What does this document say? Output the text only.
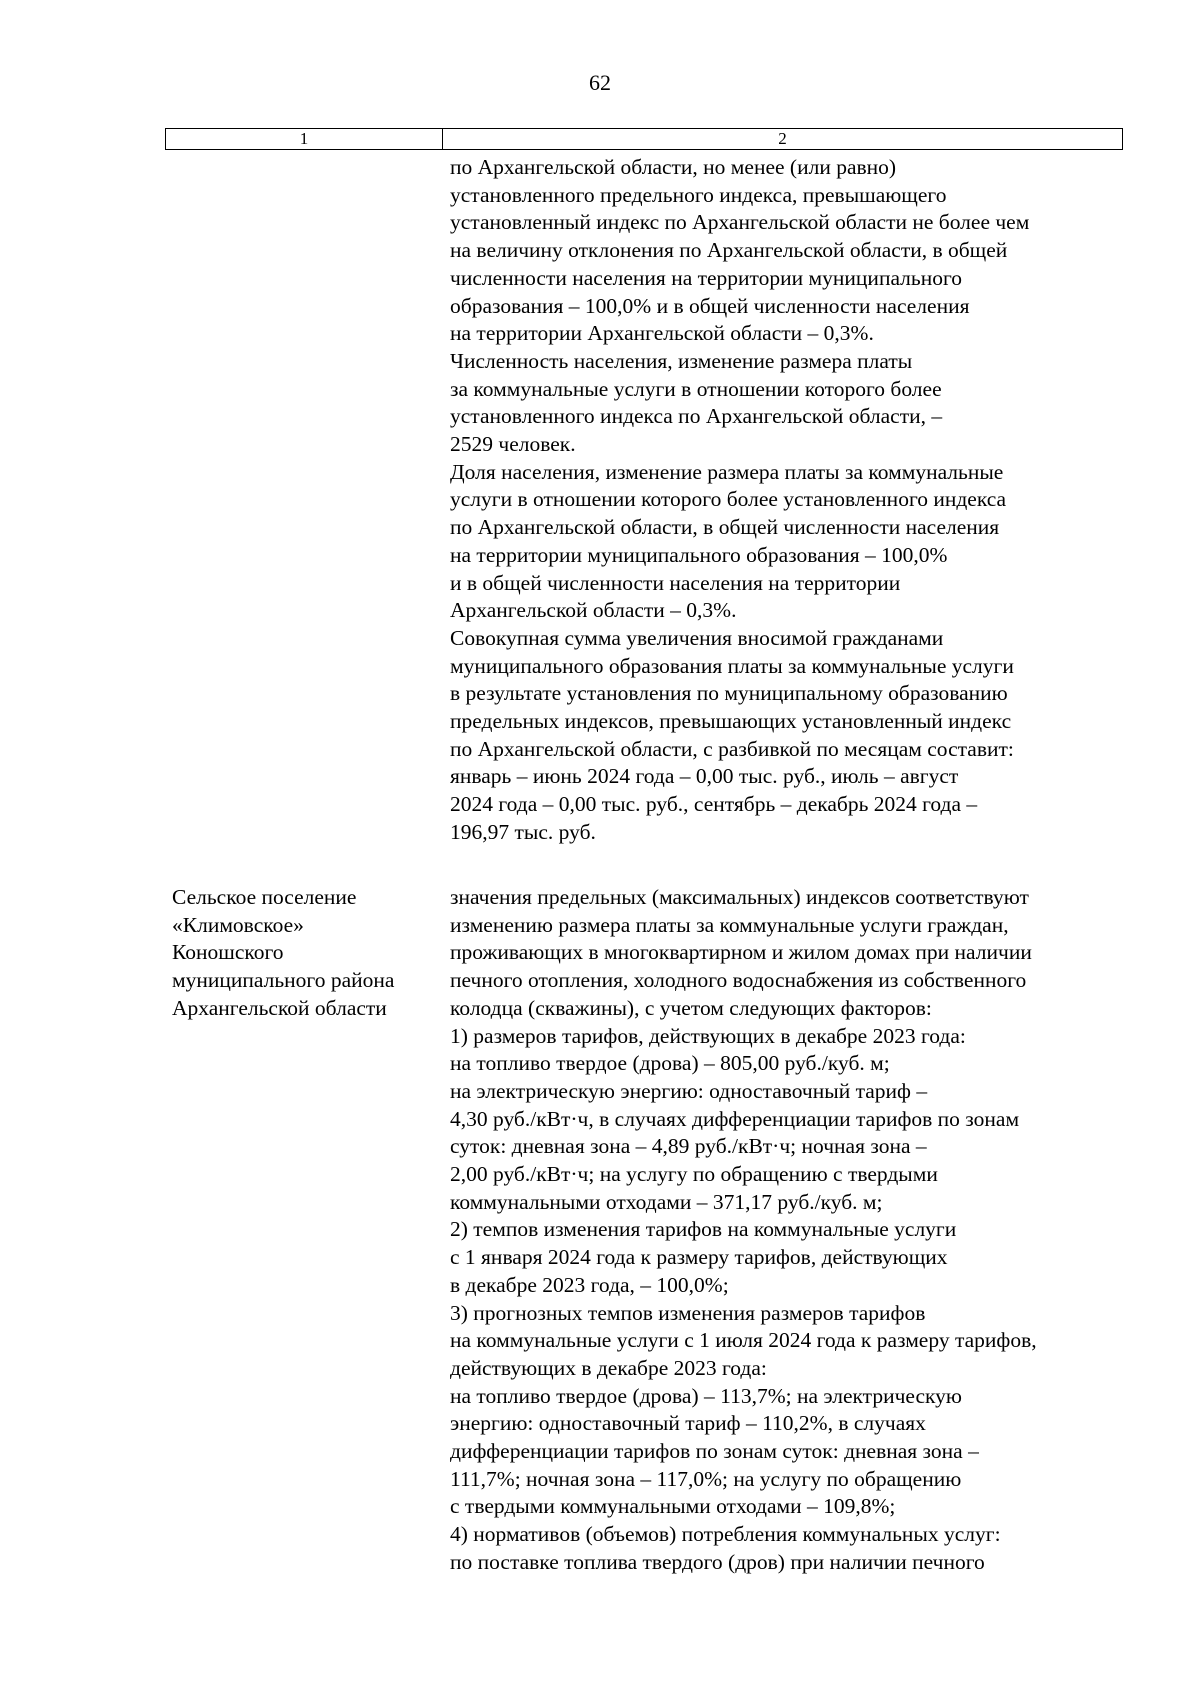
62
1	2
по Архангельской области, но менее (или равно)
установленного предельного индекса, превышающего
установленный индекс по Архангельской области не более чем
на величину отклонения по Архангельской области, в общей
численности населения на территории муниципального
образования – 100,0% и в общей численности населения
на территории Архангельской области – 0,3%.
Численность населения, изменение размера платы
за коммунальные услуги в отношении которого более
установленного индекса по Архангельской области, –
2529 человек.
Доля населения, изменение размера платы за коммунальные
услуги в отношении которого более установленного индекса
по Архангельской области, в общей численности населения
на территории муниципального образования – 100,0%
и в общей численности населения на территории
Архангельской области – 0,3%.
Совокупная сумма увеличения вносимой гражданами
муниципального образования платы за коммунальные услуги
в результате установления по муниципальному образованию
предельных индексов, превышающих установленный индекс
по Архангельской области, с разбивкой по месяцам составит:
январь – июнь 2024 года – 0,00 тыс. руб., июль – август
2024 года – 0,00 тыс. руб., сентябрь – декабрь 2024 года –
196,97 тыс. руб.
Сельское поселение
«Климовское»
Коношского
муниципального района
Архангельской области
значения предельных (максимальных) индексов соответствуют
изменению размера платы за коммунальные услуги граждан,
проживающих в многоквартирном и жилом домах при наличии
печного отопления, холодного водоснабжения из собственного
колодца (скважины), с учетом следующих факторов:
1) размеров тарифов, действующих в декабре 2023 года:
на топливо твердое (дрова) – 805,00 руб./куб. м;
на электрическую энергию: одноставочный тариф –
4,30 руб./кВт·ч, в случаях дифференциации тарифов по зонам
суток: дневная зона – 4,89 руб./кВт·ч; ночная зона –
2,00 руб./кВт·ч; на услугу по обращению с твердыми
коммунальными отходами – 371,17 руб./куб. м;
2) темпов изменения тарифов на коммунальные услуги
с 1 января 2024 года к размеру тарифов, действующих
в декабре 2023 года, – 100,0%;
3) прогнозных темпов изменения размеров тарифов
на коммунальные услуги с 1 июля 2024 года к размеру тарифов,
действующих в декабре 2023 года:
на топливо твердое (дрова) – 113,7%; на электрическую
энергию: одноставочный тариф – 110,2%, в случаях
дифференциации тарифов по зонам суток: дневная зона –
111,7%; ночная зона – 117,0%; на услугу по обращению
с твердыми коммунальными отходами – 109,8%;
4) нормативов (объемов) потребления коммунальных услуг:
по поставке топлива твердого (дров) при наличии печного
